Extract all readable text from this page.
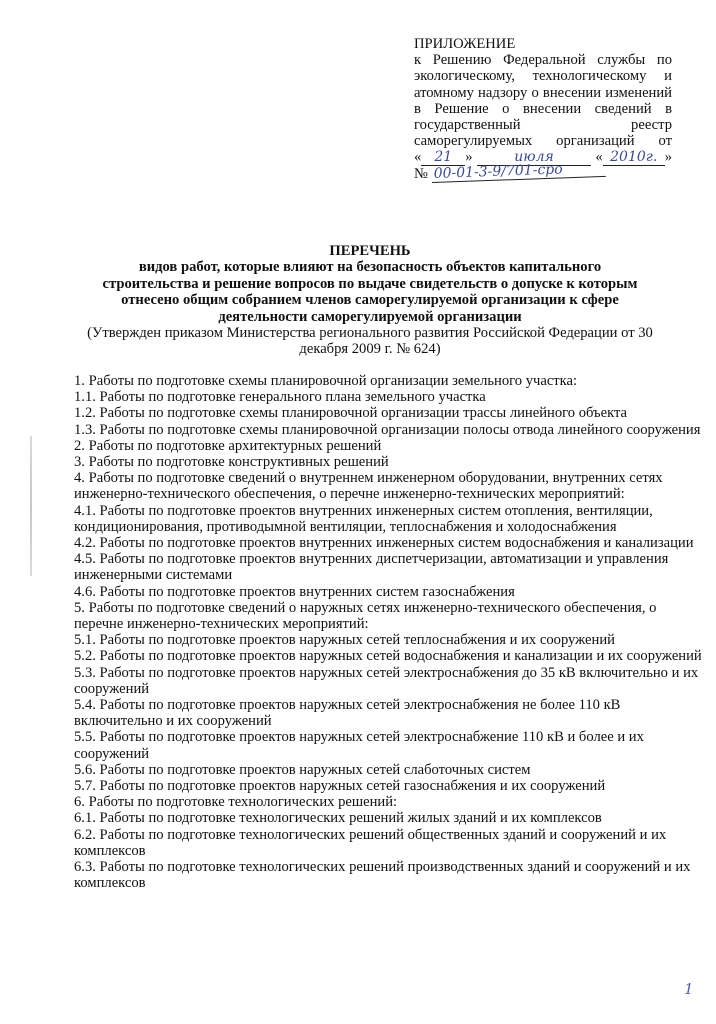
ПРИЛОЖЕНИЕ
к Решению Федеральной службы по экологическому, технологическому и атомному надзору о внесении изменений в Решение о внесении сведений в государственный реестр саморегулируемых организаций от
« 21 »	июля	« 2010г. »
№ 00-01-3-9/701-сро
ПЕРЕЧЕНЬ
видов работ, которые влияют на безопасность объектов капитального строительства и решение вопросов по выдаче свидетельств о допуске к которым отнесено общим собранием членов саморегулируемой организации к сфере деятельности саморегулируемой организации
(Утвержден приказом Министерства регионального развития Российской Федерации от 30 декабря 2009 г. № 624)
1. Работы по подготовке схемы планировочной организации земельного участка:
1.1. Работы по подготовке генерального плана земельного участка
1.2. Работы по подготовке схемы планировочной организации трассы линейного объекта
1.3. Работы по подготовке схемы планировочной организации полосы отвода линейного сооружения
2. Работы по подготовке архитектурных решений
3. Работы по подготовке конструктивных решений
4. Работы по подготовке сведений о внутреннем инженерном оборудовании, внутренних сетях инженерно-технического обеспечения, о перечне инженерно-технических мероприятий:
4.1. Работы по подготовке проектов внутренних инженерных систем отопления, вентиляции, кондиционирования, противодымной вентиляции, теплоснабжения и холодоснабжения
4.2. Работы по подготовке проектов внутренних инженерных систем водоснабжения и канализации
4.5. Работы по подготовке проектов внутренних диспетчеризации, автоматизации и управления инженерными системами
4.6. Работы по подготовке проектов внутренних систем газоснабжения
5. Работы по подготовке сведений о наружных сетях инженерно-технического обеспечения, о перечне инженерно-технических мероприятий:
5.1. Работы по подготовке проектов наружных сетей теплоснабжения и их сооружений
5.2. Работы по подготовке проектов наружных сетей водоснабжения и канализации и их сооружений
5.3. Работы по подготовке проектов наружных сетей электроснабжения до 35 кВ включительно и их сооружений
5.4. Работы по подготовке проектов наружных сетей электроснабжения не более 110 кВ включительно и их сооружений
5.5. Работы по подготовке проектов наружных сетей электроснабжение 110 кВ и более и их сооружений
5.6. Работы по подготовке проектов наружных сетей слаботочных систем
5.7. Работы по подготовке проектов наружных сетей газоснабжения и их сооружений
6. Работы по подготовке технологических решений:
6.1. Работы по подготовке технологических решений жилых зданий и их комплексов
6.2. Работы по подготовке технологических решений общественных зданий и сооружений и их комплексов
6.3. Работы по подготовке технологических решений производственных зданий и сооружений и их комплексов
1
